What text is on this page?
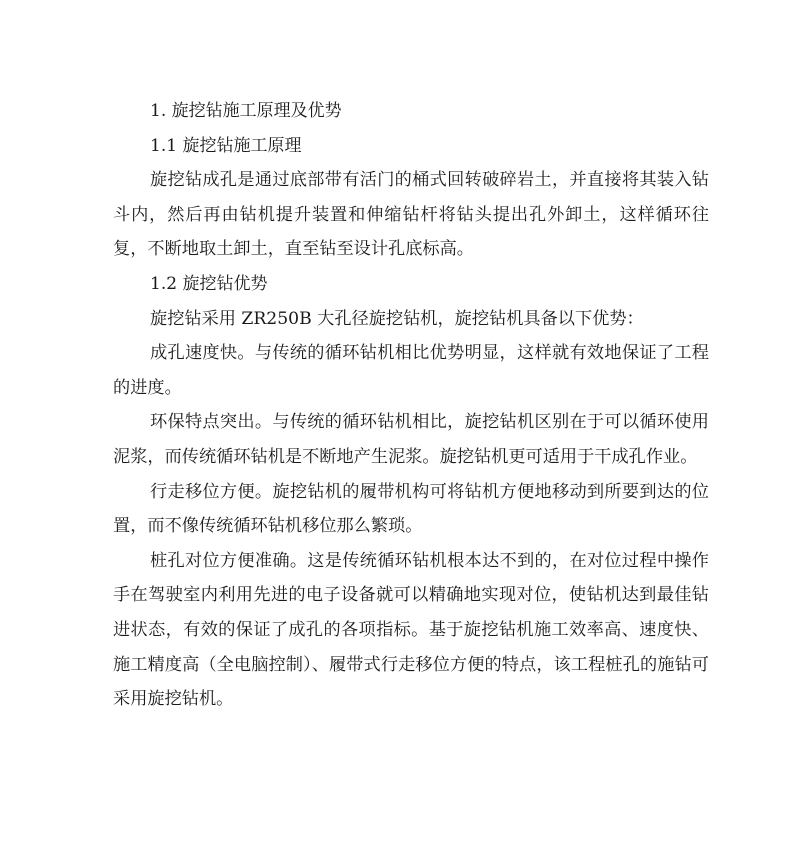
1. 旋挖钻施工原理及优势

1.1 旋挖钻施工原理

旋挖钻成孔是通过底部带有活门的桶式回转破碎岩土，并直接将其装入钻斗内，然后再由钻机提升装置和伸缩钻杆将钻头提出孔外卸土，这样循环往复，不断地取土卸土，直至钻至设计孔底标高。

1.2 旋挖钻优势

旋挖钻采用 ZR250B 大孔径旋挖钻机，旋挖钻机具备以下优势：

成孔速度快。与传统的循环钻机相比优势明显，这样就有效地保证了工程的进度。

环保特点突出。与传统的循环钻机相比，旋挖钻机区别在于可以循环使用泥浆，而传统循环钻机是不断地产生泥浆。旋挖钻机更可适用于干成孔作业。

行走移位方便。旋挖钻机的履带机构可将钻机方便地移动到所要到达的位置，而不像传统循环钻机移位那么繁琐。

桩孔对位方便准确。这是传统循环钻机根本达不到的，在对位过程中操作手在驾驶室内利用先进的电子设备就可以精确地实现对位，使钻机达到最佳钻进状态，有效的保证了成孔的各项指标。基于旋挖钻机施工效率高、速度快、施工精度高（全电脑控制）、履带式行走移位方便的特点，该工程桩孔的施钻可采用旋挖钻机。
